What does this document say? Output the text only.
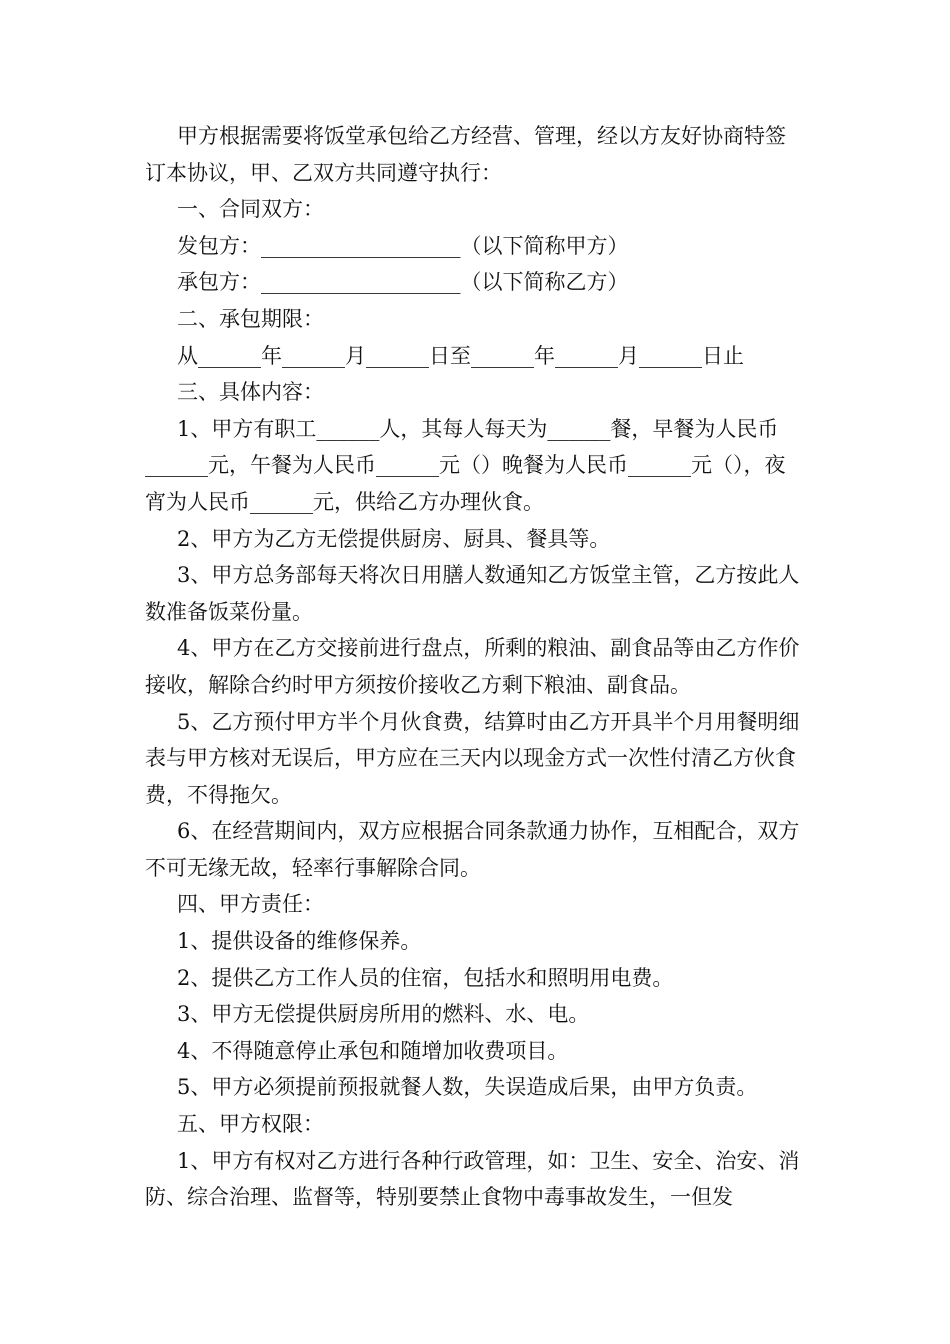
甲方根据需要将饭堂承包给乙方经营、管理，经以方友好协商特签订本协议，甲、乙双方共同遵守执行：

一、合同双方：

发包方：___________________（以下简称甲方）

承包方：___________________（以下简称乙方）

二、承包期限：

从______年______月______日至______年______月______日止

三、具体内容：

1、甲方有职工______人，其每人每天为______餐，早餐为人民币______元，午餐为人民币______元（）晚餐为人民币______元（），夜宵为人民币______元，供给乙方办理伙食。

2、甲方为乙方无偿提供厨房、厨具、餐具等。

3、甲方总务部每天将次日用膳人数通知乙方饭堂主管，乙方按此人数准备饭菜份量。

4、甲方在乙方交接前进行盘点，所剩的粮油、副食品等由乙方作价接收，解除合约时甲方须按价接收乙方剩下粮油、副食品。

5、乙方预付甲方半个月伙食费，结算时由乙方开具半个月用餐明细表与甲方核对无误后，甲方应在三天内以现金方式一次性付清乙方伙食费，不得拖欠。

6、在经营期间内，双方应根据合同条款通力协作，互相配合，双方不可无缘无故，轻率行事解除合同。

四、甲方责任：

1、提供设备的维修保养。

2、提供乙方工作人员的住宿，包括水和照明用电费。

3、甲方无偿提供厨房所用的燃料、水、电。

4、不得随意停止承包和随增加收费项目。

5、甲方必须提前预报就餐人数，失误造成后果，由甲方负责。

五、甲方权限：

1、甲方有权对乙方进行各种行政管理，如：卫生、安全、治安、消防、综合治理、监督等，特别要禁止食物中毒事故发生，一但发
